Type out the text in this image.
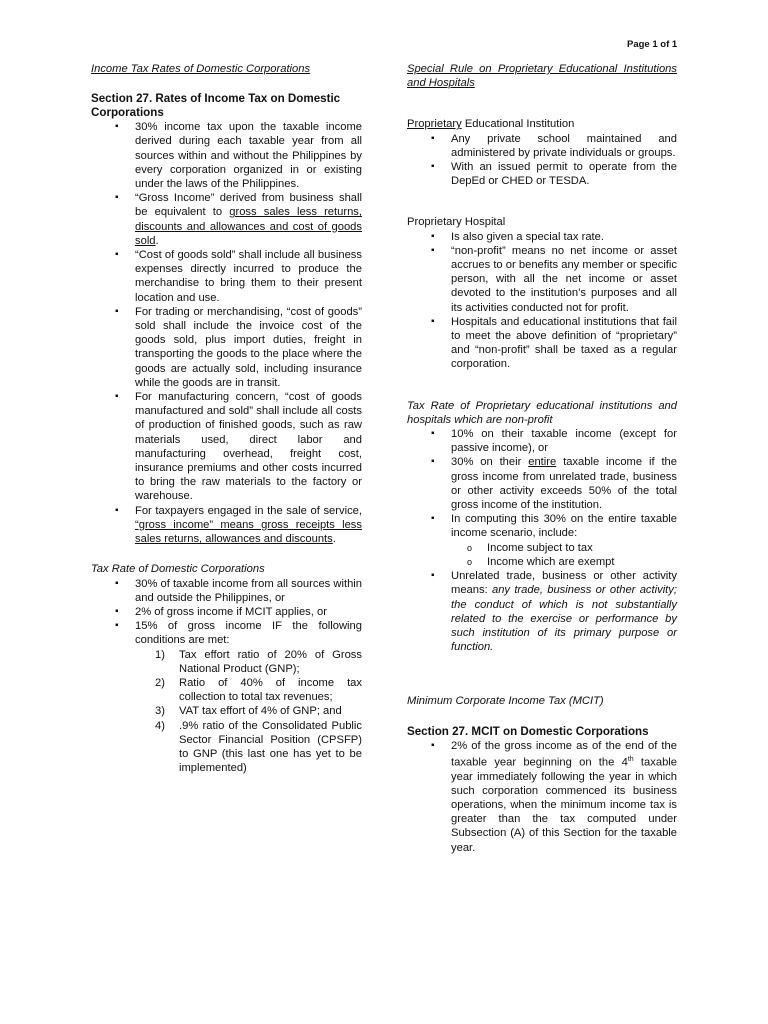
Page 1 of 1

Income Tax Rates of Domestic Corporations

Section 27. Rates of Income Tax on Domestic Corporations

▪ 30% income tax upon the taxable income derived during each taxable year from all sources within and without the Philippines by every corporation organized in or existing under the laws of the Philippines.
▪ “Gross Income” derived from business shall be equivalent to gross sales less returns, discounts and allowances and cost of goods sold.
▪ “Cost of goods sold” shall include all business expenses directly incurred to produce the merchandise to bring them to their present location and use.
▪ For trading or merchandising, “cost of goods” sold shall include the invoice cost of the goods sold, plus import duties, freight in transporting the goods to the place where the goods are actually sold, including insurance while the goods are in transit.
▪ For manufacturing concern, “cost of goods manufactured and sold” shall include all costs of production of finished goods, such as raw materials used, direct labor and manufacturing overhead, freight cost, insurance premiums and other costs incurred to bring the raw materials to the factory or warehouse.
▪ For taxpayers engaged in the sale of service, “gross income” means gross receipts less sales returns, allowances and discounts.

Tax Rate of Domestic Corporations

▪ 30% of taxable income from all sources within and outside the Philippines, or
▪ 2% of gross income if MCIT applies, or
▪ 15% of gross income IF the following conditions are met:
1) Tax effort ratio of 20% of Gross National Product (GNP);
2) Ratio of 40% of income tax collection to total tax revenues;
3) VAT tax effort of 4% of GNP; and
4) .9% ratio of the Consolidated Public Sector Financial Position (CPSFP) to GNP (this last one has yet to be implemented)

Special Rule on Proprietary Educational Institutions and Hospitals

Proprietary Educational Institution

▪ Any private school maintained and administered by private individuals or groups.
▪ With an issued permit to operate from the DepEd or CHED or TESDA.

Proprietary Hospital

▪ Is also given a special tax rate.
▪ “non-profit” means no net income or asset accrues to or benefits any member or specific person, with all the net income or asset devoted to the institution’s purposes and all its activities conducted not for profit.
▪ Hospitals and educational institutions that fail to meet the above definition of “proprietary” and “non-profit” shall be taxed as a regular corporation.

Tax Rate of Proprietary educational institutions and hospitals which are non-profit

▪ 10% on their taxable income (except for passive income), or
▪ 30% on their entire taxable income if the gross income from unrelated trade, business or other activity exceeds 50% of the total gross income of the institution.
▪ In computing this 30% on the entire taxable income scenario, include:
o Income subject to tax
o Income which are exempt
▪ Unrelated trade, business or other activity means: any trade, business or other activity; the conduct of which is not substantially related to the exercise or performance by such institution of its primary purpose or function.

Minimum Corporate Income Tax (MCIT)

Section 27. MCIT on Domestic Corporations

▪ 2% of the gross income as of the end of the taxable year beginning on the 4th taxable year immediately following the year in which such corporation commenced its business operations, when the minimum income tax is greater than the tax computed under Subsection (A) of this Section for the taxable year.
